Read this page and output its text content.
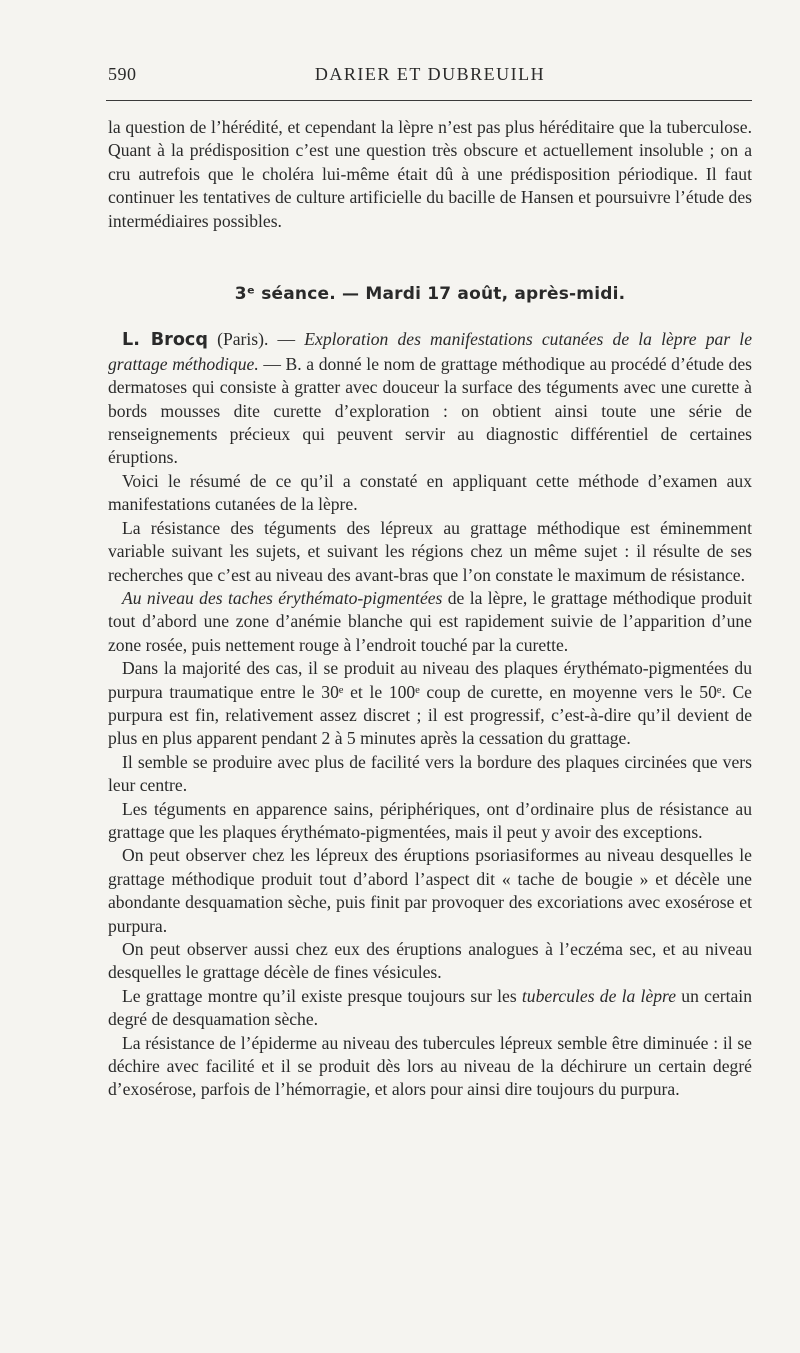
590	DARIER ET DUBREUILH

la question de l’hérédité, et cependant la lèpre n’est pas plus héréditaire que la tuberculose. Quant à la prédisposition c’est une question très obscure et actuellement insoluble ; on a cru autrefois que le choléra lui-même était dû à une prédisposition périodique. Il faut continuer les tentatives de culture artificielle du bacille de Hansen et poursuivre l’étude des intermédiaires possibles.

3ᵉ séance. — Mardi 17 août, après-midi.

L. Brocq (Paris). — Exploration des manifestations cutanées de la lèpre par le grattage méthodique. — B. a donné le nom de grattage méthodique au procédé d’étude des dermatoses qui consiste à gratter avec douceur la surface des téguments avec une curette à bords mousses dite curette d’exploration : on obtient ainsi toute une série de renseignements précieux qui peuvent servir au diagnostic différentiel de certaines éruptions.

Voici le résumé de ce qu’il a constaté en appliquant cette méthode d’examen aux manifestations cutanées de la lèpre.

La résistance des téguments des lépreux au grattage méthodique est éminemment variable suivant les sujets, et suivant les régions chez un même sujet : il résulte de ses recherches que c’est au niveau des avant-bras que l’on constate le maximum de résistance.

Au niveau des taches érythémato-pigmentées de la lèpre, le grattage méthodique produit tout d’abord une zone d’anémie blanche qui est rapidement suivie de l’apparition d’une zone rosée, puis nettement rouge à l’endroit touché par la curette.

Dans la majorité des cas, il se produit au niveau des plaques érythémato-pigmentées du purpura traumatique entre le 30ᵉ et le 100ᵉ coup de curette, en moyenne vers le 50ᵉ. Ce purpura est fin, relativement assez discret ; il est progressif, c’est-à-dire qu’il devient de plus en plus apparent pendant 2 à 5 minutes après la cessation du grattage.

Il semble se produire avec plus de facilité vers la bordure des plaques circinées que vers leur centre.

Les téguments en apparence sains, périphériques, ont d’ordinaire plus de résistance au grattage que les plaques érythémato-pigmentées, mais il peut y avoir des exceptions.

On peut observer chez les lépreux des éruptions psoriasiformes au niveau desquelles le grattage méthodique produit tout d’abord l’aspect dit « tache de bougie » et décèle une abondante desquamation sèche, puis finit par provoquer des excoriations avec exosérose et purpura.

On peut observer aussi chez eux des éruptions analogues à l’eczéma sec, et au niveau desquelles le grattage décèle de fines vésicules.

Le grattage montre qu’il existe presque toujours sur les tubercules de la lèpre un certain degré de desquamation sèche.

La résistance de l’épiderme au niveau des tubercules lépreux semble être diminuée : il se déchire avec facilité et il se produit dès lors au niveau de la déchirure un certain degré d’exosérose, parfois de l’hémorragie, et alors pour ainsi dire toujours du purpura.
